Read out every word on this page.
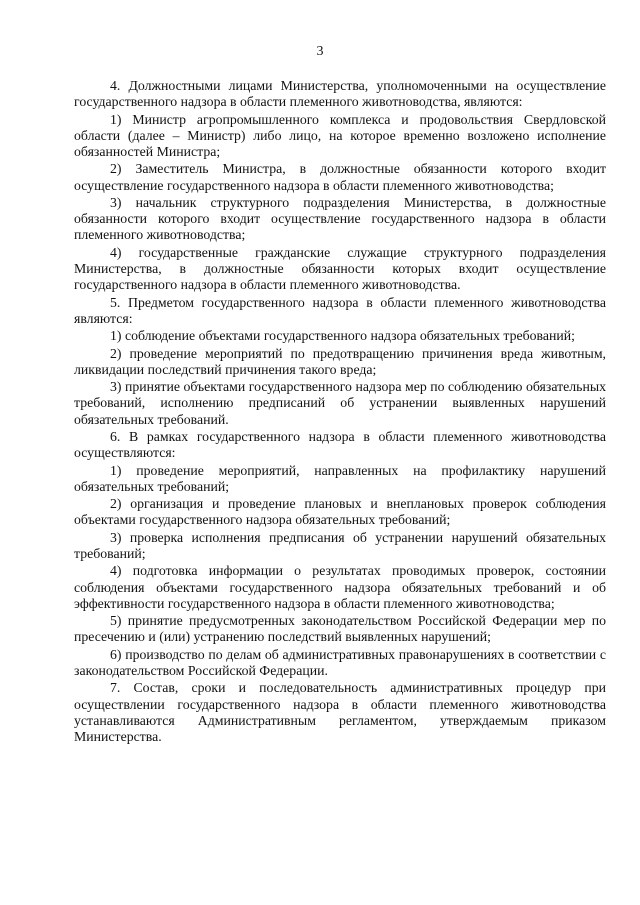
3

4. Должностными лицами Министерства, уполномоченными на осуществление государственного надзора в области племенного животноводства, являются:

1) Министр агропромышленного комплекса и продовольствия Свердловской области (далее – Министр) либо лицо, на которое временно возложено исполнение обязанностей Министра;

2) Заместитель Министра, в должностные обязанности которого входит осуществление государственного надзора в области племенного животноводства;

3) начальник структурного подразделения Министерства, в должностные обязанности которого входит осуществление государственного надзора в области племенного животноводства;

4) государственные гражданские служащие структурного подразделения Министерства, в должностные обязанности которых входит осуществление государственного надзора в области племенного животноводства.

5. Предметом государственного надзора в области племенного животноводства являются:

1) соблюдение объектами государственного надзора обязательных требований;

2) проведение мероприятий по предотвращению причинения вреда животным, ликвидации последствий причинения такого вреда;

3) принятие объектами государственного надзора мер по соблюдению обязательных требований, исполнению предписаний об устранении выявленных нарушений обязательных требований.

6. В рамках государственного надзора в области племенного животноводства осуществляются:

1) проведение мероприятий, направленных на профилактику нарушений обязательных требований;

2) организация и проведение плановых и внеплановых проверок соблюдения объектами государственного надзора обязательных требований;

3) проверка исполнения предписания об устранении нарушений обязательных требований;

4) подготовка информации о результатах проводимых проверок, состоянии соблюдения объектами государственного надзора обязательных требований и об эффективности государственного надзора в области племенного животноводства;

5) принятие предусмотренных законодательством Российской Федерации мер по пресечению и (или) устранению последствий выявленных нарушений;

6) производство по делам об административных правонарушениях в соответствии с законодательством Российской Федерации.

7. Состав, сроки и последовательность административных процедур при осуществлении государственного надзора в области племенного животноводства устанавливаются Административным регламентом, утверждаемым приказом Министерства.
